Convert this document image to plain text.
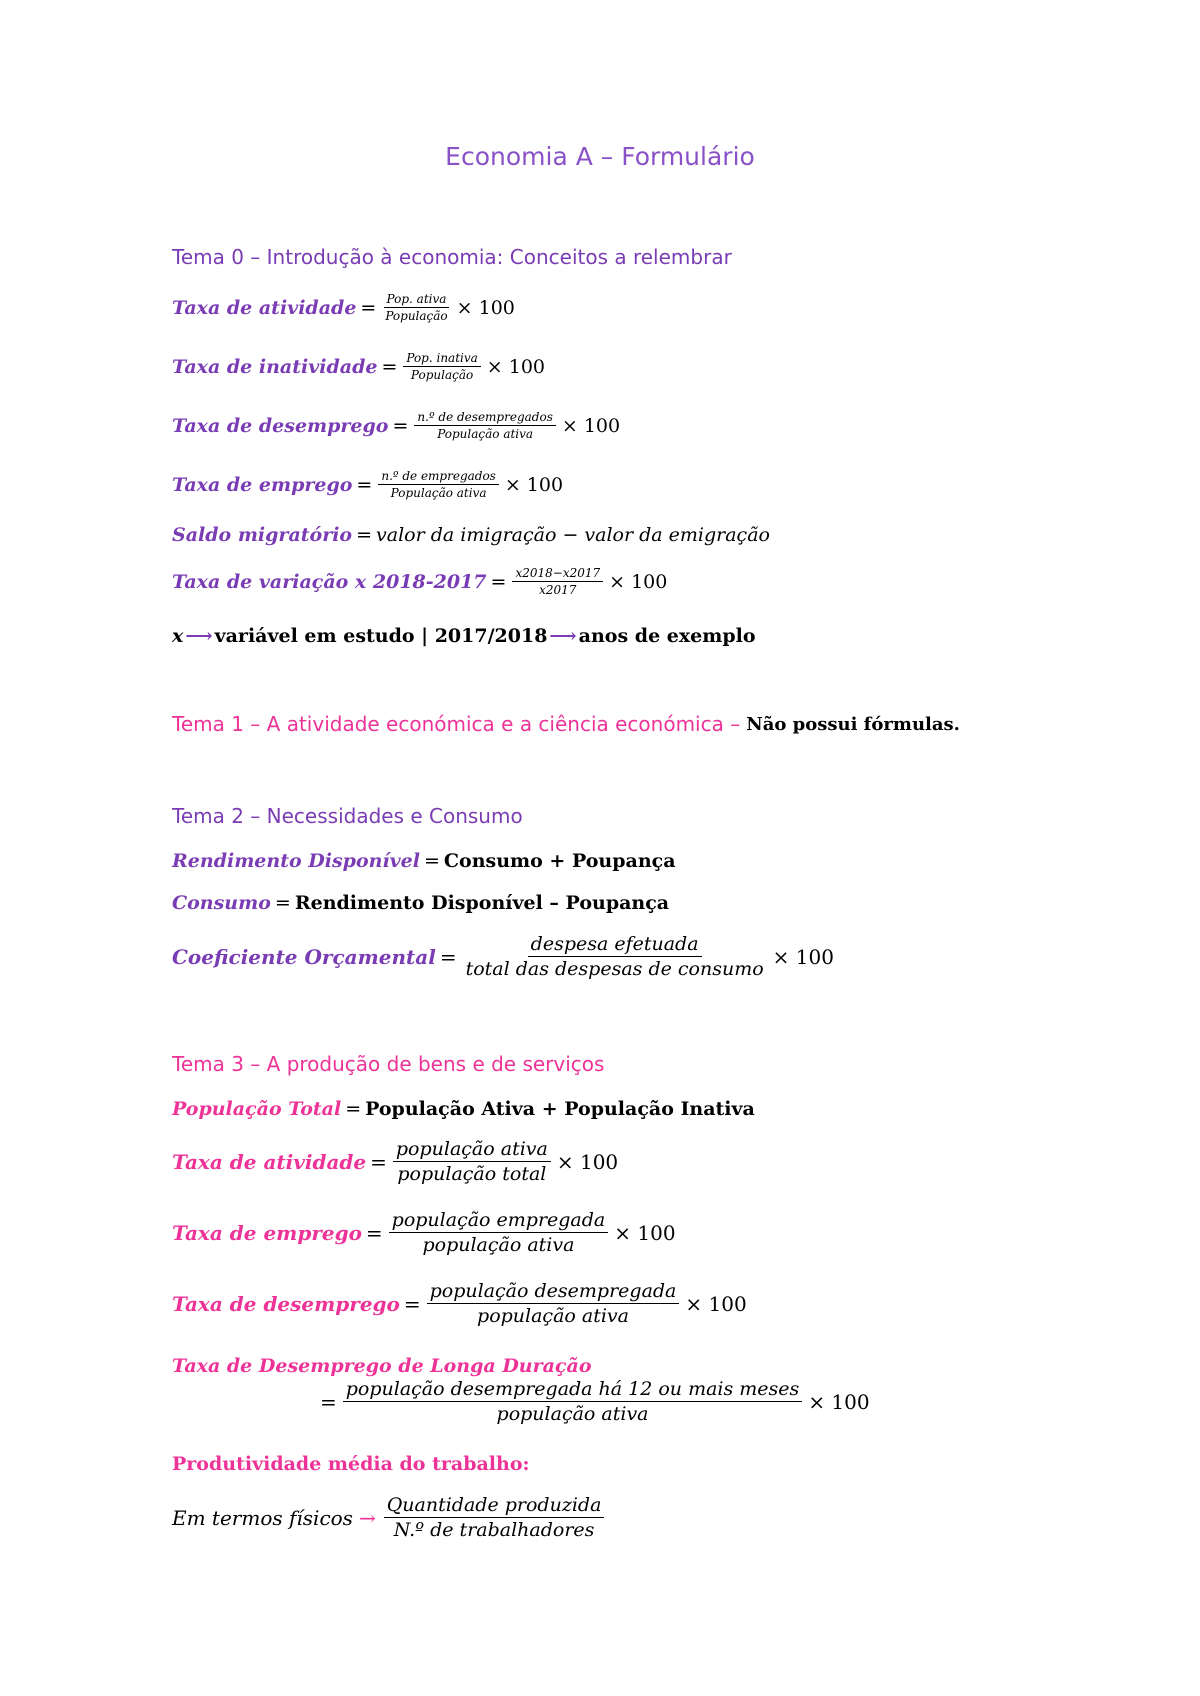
Economia A – Formulário
Tema 0 – Introdução à economia: Conceitos a relembrar
Taxa de atividade = $\frac{\text{Pop. ativa}}{\text{População}} \times 100$
Taxa de inatividade = $\frac{\text{Pop. inativa}}{\text{População}} \times 100$
Taxa de desemprego = $\frac{\text{n.º de desempregados}}{\text{População ativa}} \times 100$
Taxa de emprego = $\frac{\text{n.º de empregados}}{\text{População ativa}} \times 100$
Saldo migratório = valor da imigração − valor da emigração
Taxa de variação x $2018-2017 = \frac{x2018-x2017}{x2017} \times 100$
x ⟶ variável em estudo | 2017/2018 ⟶ anos de exemplo
Tema 1 – A atividade económica e a ciência económica – Não possui fórmulas.
Tema 2 – Necessidades e Consumo
Rendimento Disponível = Consumo + Poupança
Consumo = Rendimento Disponível – Poupança
Coeficiente Orçamental = $\frac{\text{despesa efetuada}}{\text{total das despesas de consumo}} \times 100$
Tema 3 – A produção de bens e de serviços
População Total = População Ativa + População Inativa
Taxa de atividade = $\frac{\text{população ativa}}{\text{população total}} \times 100$
Taxa de emprego = $\frac{\text{população empregada}}{\text{população ativa}} \times 100$
Taxa de desemprego = $\frac{\text{população desempregada}}{\text{população ativa}} \times 100$
Taxa de Desemprego de Longa Duração
= $\frac{\text{população desempregada há 12 ou mais meses}}{\text{população ativa}} \times 100$
Produtividade média do trabalho:
Em termos físicos → $\frac{\text{Quantidade produzida}}{\text{N.º de trabalhadores}}$
